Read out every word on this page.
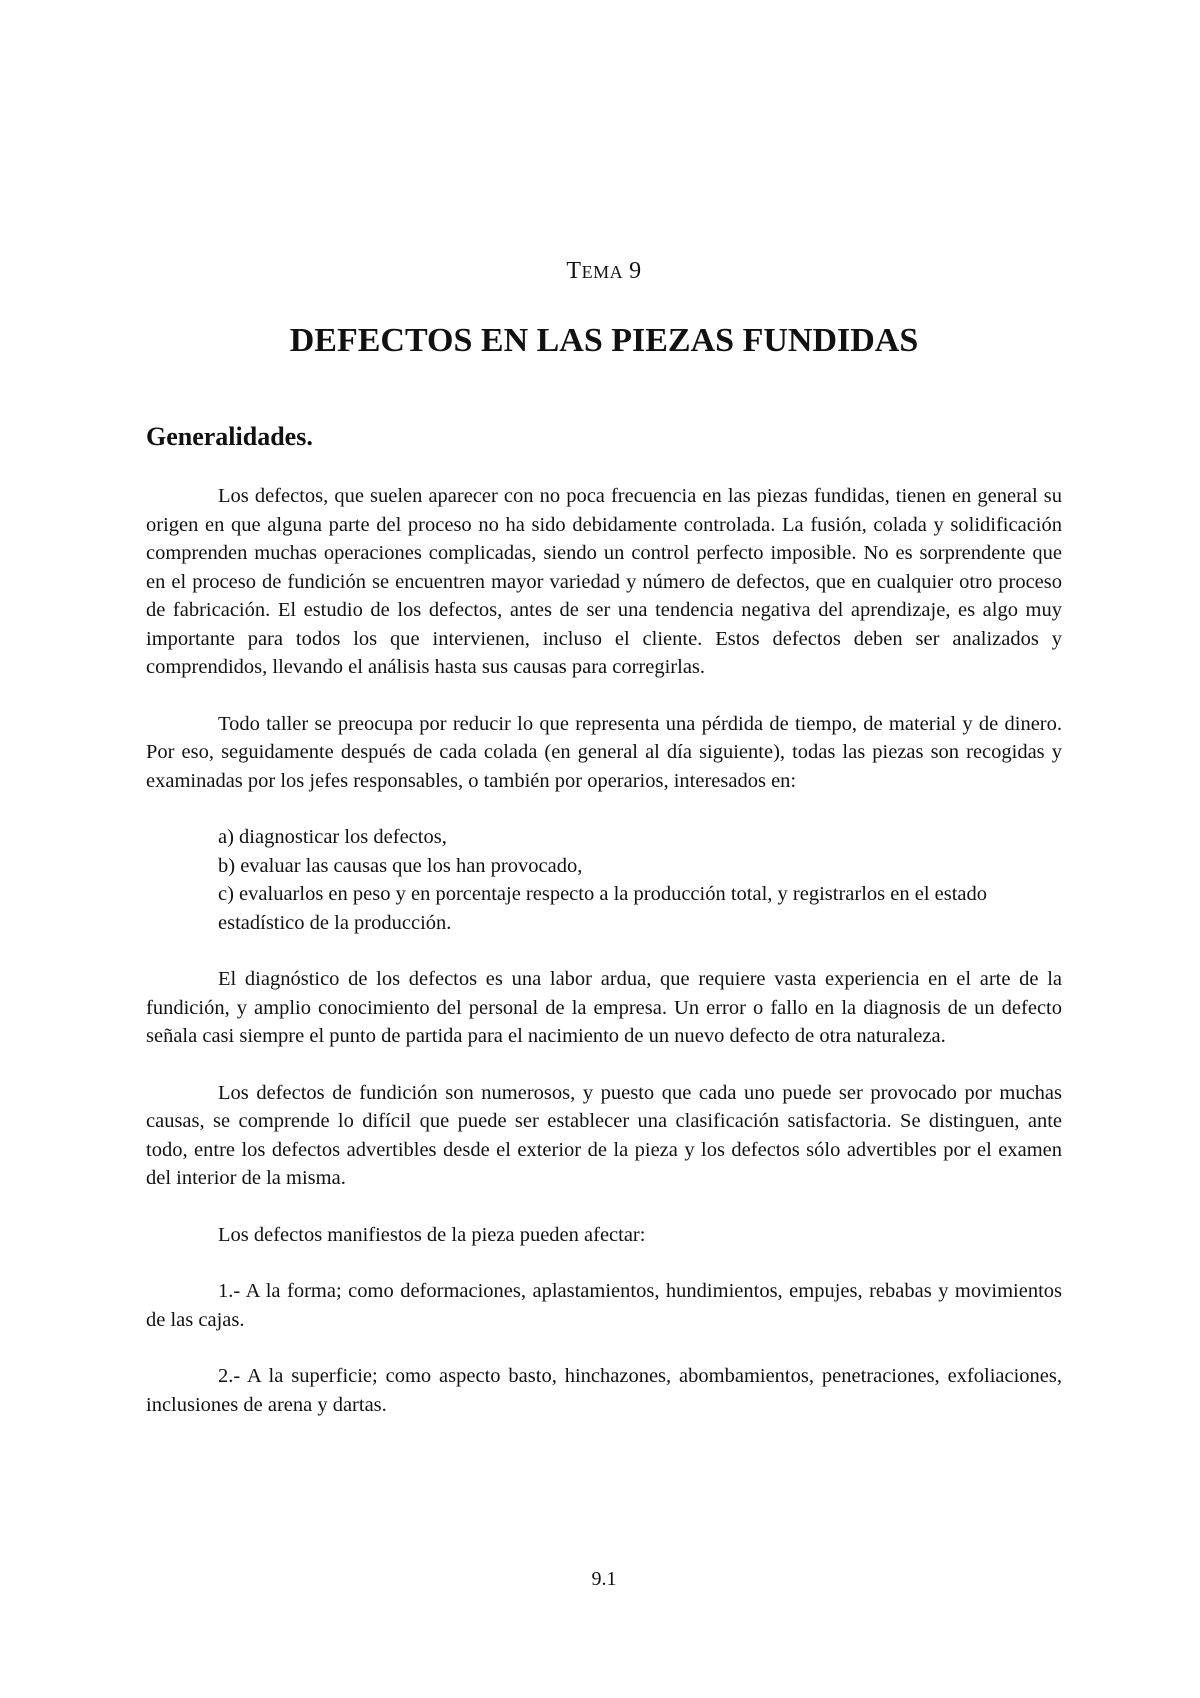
TEMA 9
DEFECTOS EN LAS PIEZAS FUNDIDAS
Generalidades.

Los defectos, que suelen aparecer con no poca frecuencia en las piezas fundidas, tienen en general su origen en que alguna parte del proceso no ha sido debidamente controlada. La fusión, colada y solidificación comprenden muchas operaciones complicadas, siendo un control perfecto imposible. No es sorprendente que en el proceso de fundición se encuentren mayor variedad y número de defectos, que en cualquier otro proceso de fabricación. El estudio de los defectos, antes de ser una tendencia negativa del aprendizaje, es algo muy importante para todos los que intervienen, incluso el cliente. Estos defectos deben ser analizados y comprendidos, llevando el análisis hasta sus causas para corregirlas.

Todo taller se preocupa por reducir lo que representa una pérdida de tiempo, de material y de dinero. Por eso, seguidamente después de cada colada (en general al día siguiente), todas las piezas son recogidas y examinadas por los jefes responsables, o también por operarios, interesados en:

a) diagnosticar los defectos,
b) evaluar las causas que los han provocado,
c) evaluarlos en peso y en porcentaje respecto a la producción total, y registrarlos en el estado estadístico de la producción.

El diagnóstico de los defectos es una labor ardua, que requiere vasta experiencia en el arte de la fundición, y amplio conocimiento del personal de la empresa. Un error o fallo en la diagnosis de un defecto señala casi siempre el punto de partida para el nacimiento de un nuevo defecto de otra naturaleza.

Los defectos de fundición son numerosos, y puesto que cada uno puede ser provocado por muchas causas, se comprende lo difícil que puede ser establecer una clasificación satisfactoria. Se distinguen, ante todo, entre los defectos advertibles desde el exterior de la pieza y los defectos sólo advertibles por el examen del interior de la misma.

Los defectos manifiestos de la pieza pueden afectar:

1.- A la forma; como deformaciones, aplastamientos, hundimientos, empujes, rebabas y movimientos de las cajas.

2.- A la superficie; como aspecto basto, hinchazones, abombamientos, penetraciones, exfoliaciones, inclusiones de arena y dartas.

9.1
